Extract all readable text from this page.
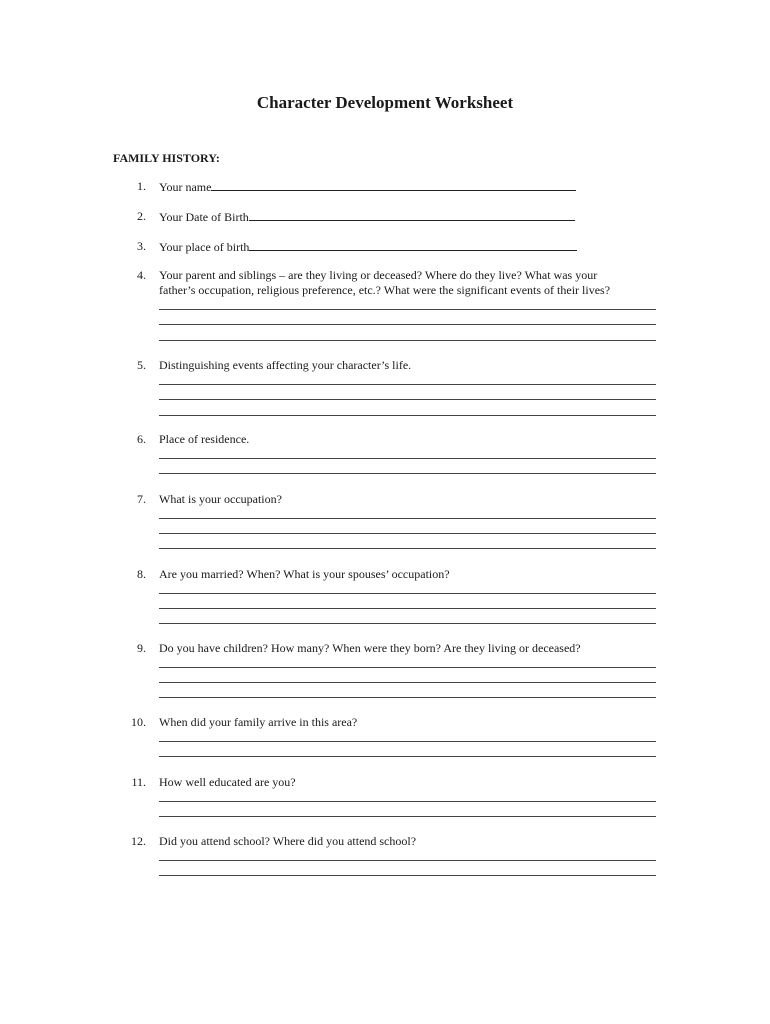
Character Development Worksheet
FAMILY HISTORY:
1. Your name
2. Your Date of Birth
3. Your place of birth
4. Your parent and siblings – are they living or deceased? Where do they live? What was your
father’s occupation, religious preference, etc.? What were the significant events of their lives?
5. Distinguishing events affecting your character’s life.
6. Place of residence.
7. What is your occupation?
8. Are you married? When? What is your spouses’ occupation?
9. Do you have children? How many? When were they born? Are they living or deceased?
10. When did your family arrive in this area?
11. How well educated are you?
12. Did you attend school? Where did you attend school?
